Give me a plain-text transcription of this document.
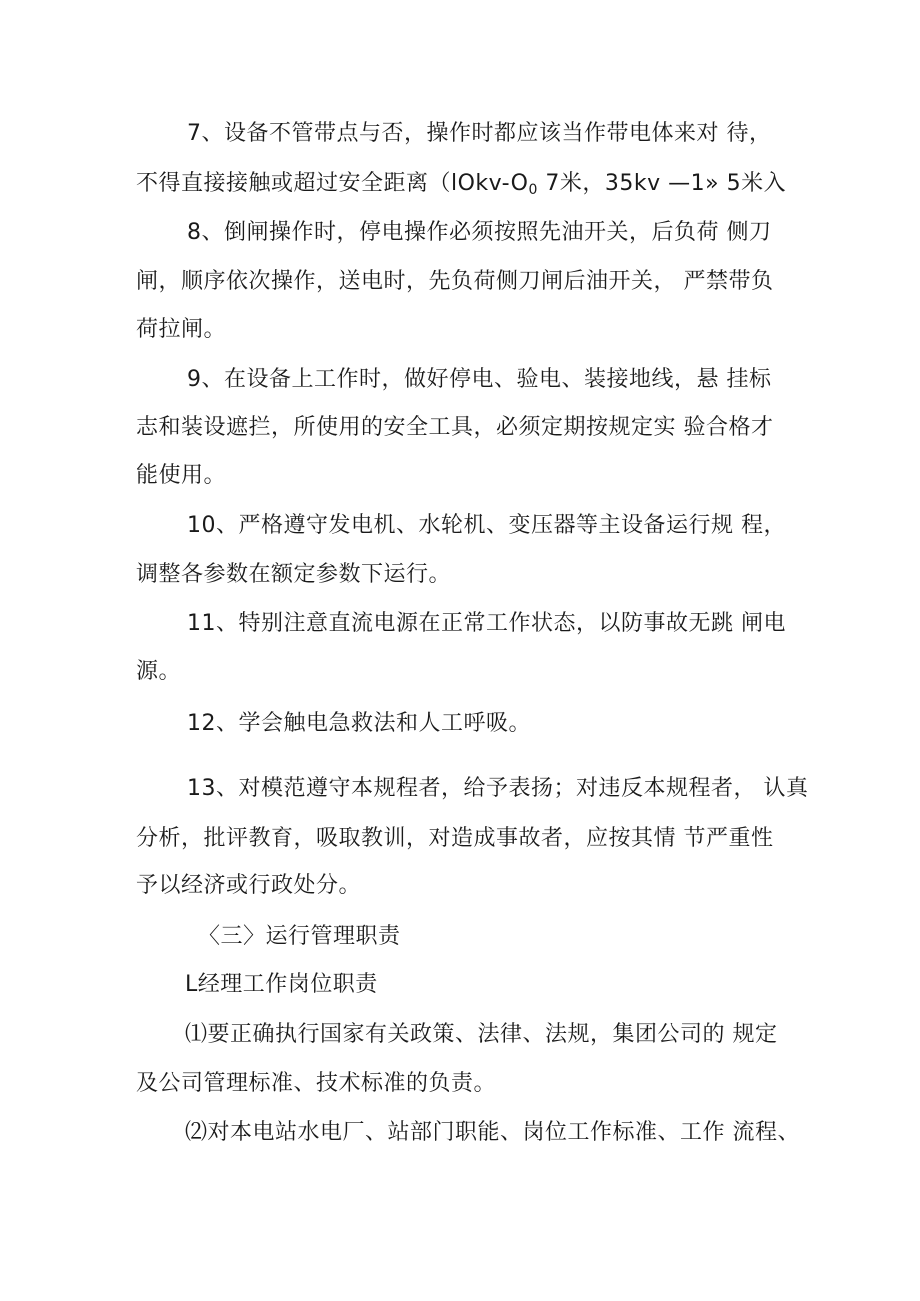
7、设备不管带点与否，操作时都应该当作带电体来对 待，
不得直接接触或超过安全距离（$lOkv-O_0$ 7米，35kv —1» 5米入
8、倒闸操作时，停电操作必须按照先油开关，后负荷 侧刀
闸，顺序依次操作，送电时，先负荷侧刀闸后油开关， 严禁带负
荷拉闸。
9、在设备上工作时，做好停电、验电、装接地线，悬 挂标
志和装设遮拦，所使用的安全工具，必须定期按规定实 验合格才
能使用。
10、严格遵守发电机、水轮机、变压器等主设备运行规 程，
调整各参数在额定参数下运行。
11、特别注意直流电源在正常工作状态，以防事故无跳 闸电
源。
12、学会触电急救法和人工呼吸。
13、对模范遵守本规程者，给予表扬；对违反本规程者， 认真
分析，批评教育，吸取教训，对造成事故者，应按其情 节严重性
予以经济或行政处分。
〈三〉运行管理职责
L经理工作岗位职责
⑴要正确执行国家有关政策、法律、法规，集团公司的 规定
及公司管理标准、技术标准的负责。
⑵对本电站水电厂、站部门职能、岗位工作标准、工作 流程、
